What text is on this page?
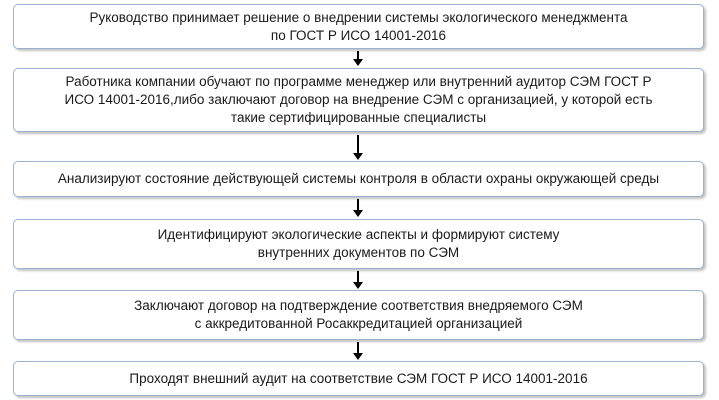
Руководство принимает решение о внедрении системы экологического менеджмента
по ГОСТ Р ИСО 14001-2016
Работника компании обучают по программе менеджер или внутренний аудитор СЭМ ГОСТ Р
ИСО 14001-2016,либо заключают договор на внедрение СЭМ с организацией, у которой есть
такие сертифицированные специалисты
Анализируют состояние действующей системы контроля в области охраны окружающей среды
Идентифицируют экологические аспекты и формируют систему
внутренних документов по СЭМ
Заключают договор на подтверждение соответствия внедряемого СЭМ
с аккредитованной Росаккредитацией организацией
Проходят внешний аудит на соответствие СЭМ ГОСТ Р ИСО 14001-2016
